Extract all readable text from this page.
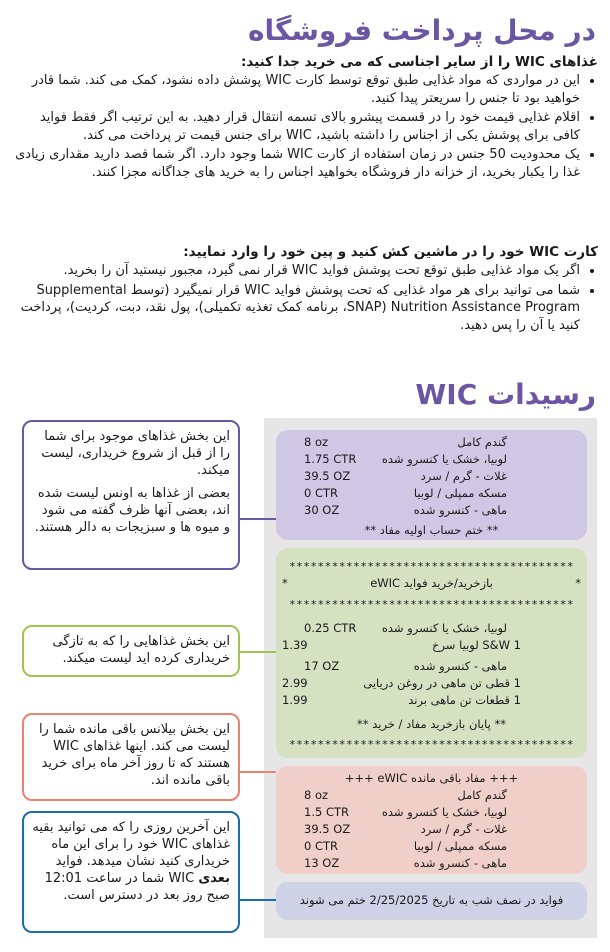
در محل پرداخت فروشگاه
غذاهای WIC را از سایر اجناسی که می خرید جدا کنید:
• این در مواردی که مواد غذایی طبق توقع توسط کارت WIC پوشش داده نشود، کمک می کند. شما قادر خواهید بود تا جنس را سریعتر پیدا کنید.
• اقلام غذایی قیمت خود را در قسمت پیشرو بالای تسمه انتقال قرار دهید. به این ترتیب اگر فقط فواید کافی برای پوشش یکی از اجناس را داشته باشید، WIC برای جنس قیمت تر پرداخت می کند.
• یک محدودیت 50 جنس در زمان استفاده از کارت WIC شما وجود دارد. اگر شما قصد دارید مقداری زیادی غذا را یکبار بخرید، از خزانه دار فروشگاه بخواهید اجناس را به خرید های جداگانه مجزا کنند.
کارت WIC خود را در ماشین کش کنید و پین خود را وارد نمایید:
• اگر یک مواد غذایی طبق توقع تحت پوشش فواید WIC قرار نمی گیرد، مجبور نیستید آن را بخرید.
• شما می توانید برای هر مواد غذایی که تحت پوشش فواید WIC قرار نمیگیرد (توسط Supplemental Nutrition Assistance Program (SNAP، برنامه کمک تغذیه تکمیلی)، پول نقد، دبت، کردیت)، پرداخت کنید یا آن را پس دهید.
رسیدات WIC
گندم کامل
8 oz
لوبیا، خشک یا کنسرو شده
1.75 CTR
غلات - گرم / سرد
39.5 OZ
مسکه ممپلی / لوبیا
0 CTR
ماهی - کنسرو شده
30 OZ
** ختم حساب اولیه مفاد **
****************************************
*
بازخرید/خرید فواید eWIC
*
****************************************
لوبیا، خشک یا کنسرو شده
0.25 CTR
S&W 1 لوبیا سرخ
1.39
ماهی - کنسرو شده
17 OZ
1 قطی تن ماهی در روغن دریایی
2.99
1 قطعات تن ماهی برند
1.99
** پایان بازخرید مفاد / خرید **
****************************************
+++ مفاد باقی مانده eWIC +++
گندم کامل
8 oz
لوبیا، خشک یا کنسرو شده
1.5 CTR
غلات - گرم / سرد
39.5 OZ
مسکه ممپلی / لوبیا
0 CTR
ماهی - کنسرو شده
13 OZ
فواید در نصف شب به تاریخ 2/25/2025 ختم می شوند

این بخش غذاهای موجود برای شما را از قبل از شروع خریداری، لیست میکند.

بعضی از غذاها به اونس لیست شده اند، بعضی آنها ظرف گفته می شود و میوه ها و سبزیجات به دالر هستند.

این بخش غذاهایی را که به تازگی خریداری کرده اید لیست میکند.

این بخش بیلانس باقی مانده شما را لیست می کند. اینها غذاهای WIC هستند که تا روز آخر ماه برای خرید باقی مانده اند.

این آخرین روزی را که می توانید بقیه غذاهای WIC خود را برای این ماه خریداری کنید نشان میدهد. فواید بعدی WIC شما در ساعت 12:01 صبح روز بعد در دسترس است.
